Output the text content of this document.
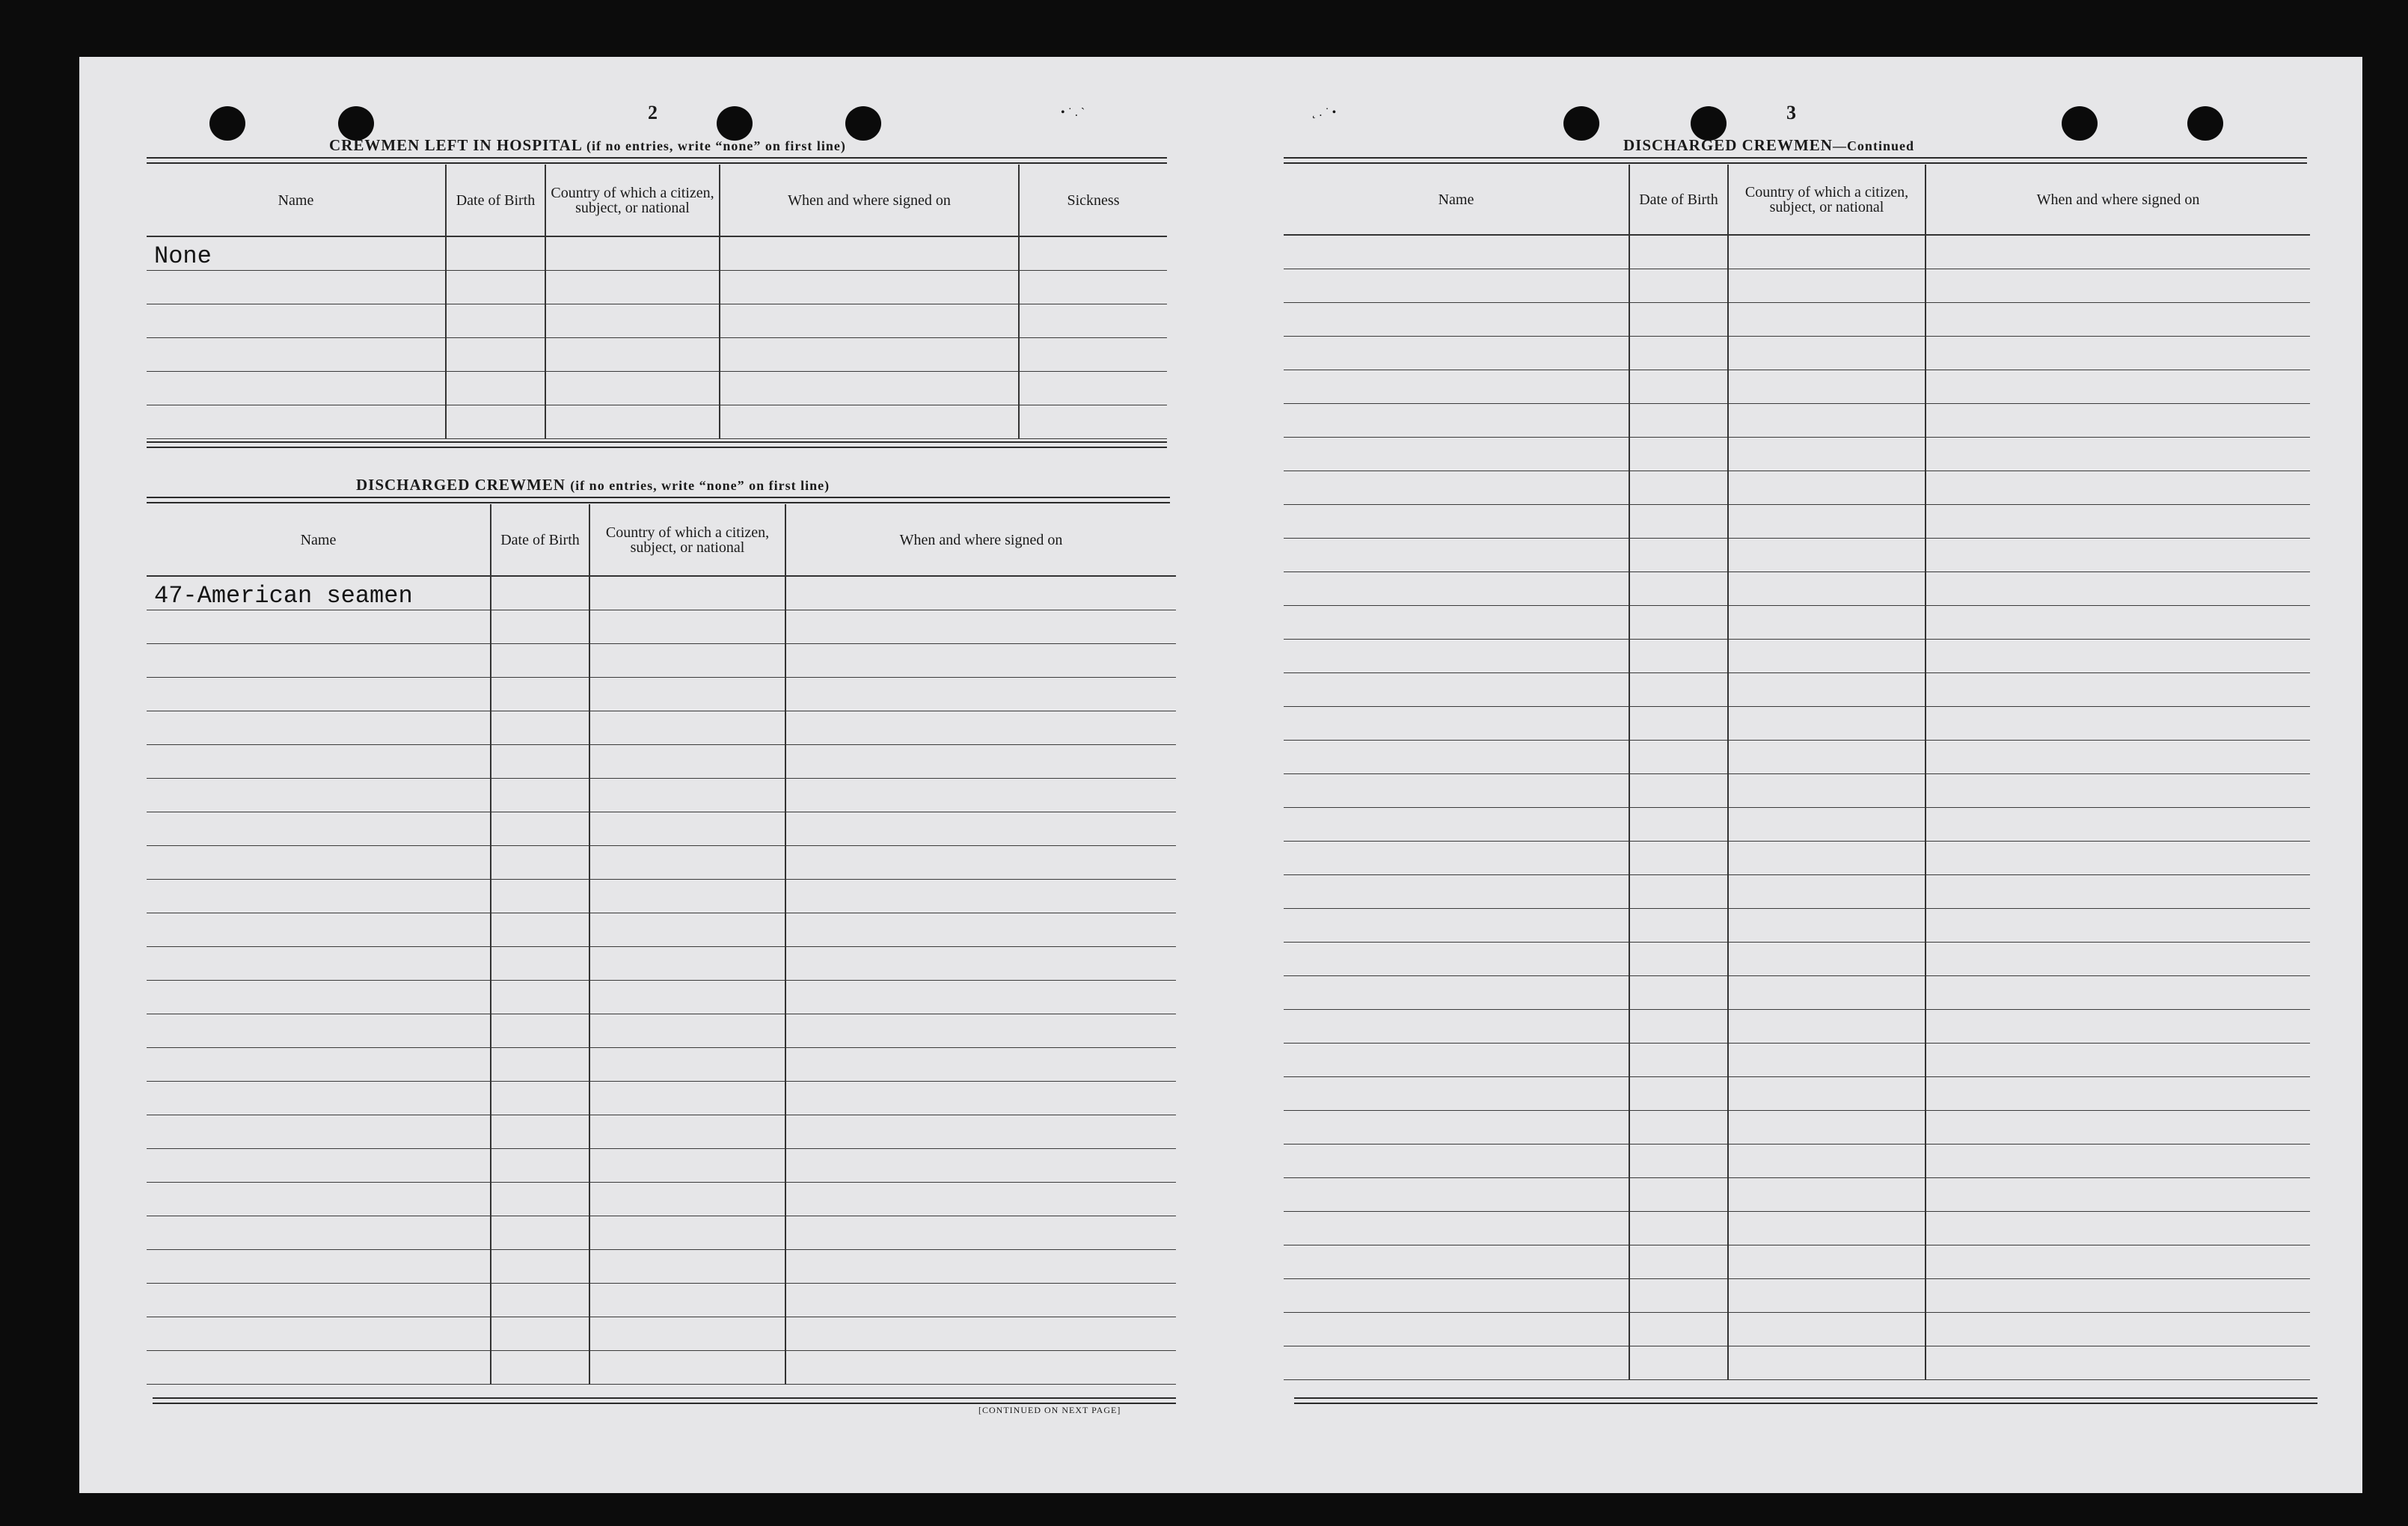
• ˙ . ˋ	˛ . ˙ •
2
CREWMEN LEFT IN HOSPITAL (if no entries, write “none” on first line)
Name	Date of Birth	Country of which a citizen, subject, or national	When and where signed on	Sickness
None				

DISCHARGED CREWMEN (if no entries, write “none” on first line)
Name	Date of Birth	Country of which a citizen, subject, or national	When and where signed on
47-American seamen			

[CONTINUED ON NEXT PAGE]
3
DISCHARGED CREWMEN—Continued
Name	Date of Birth	Country of which a citizen, subject, or national	When and where signed on
